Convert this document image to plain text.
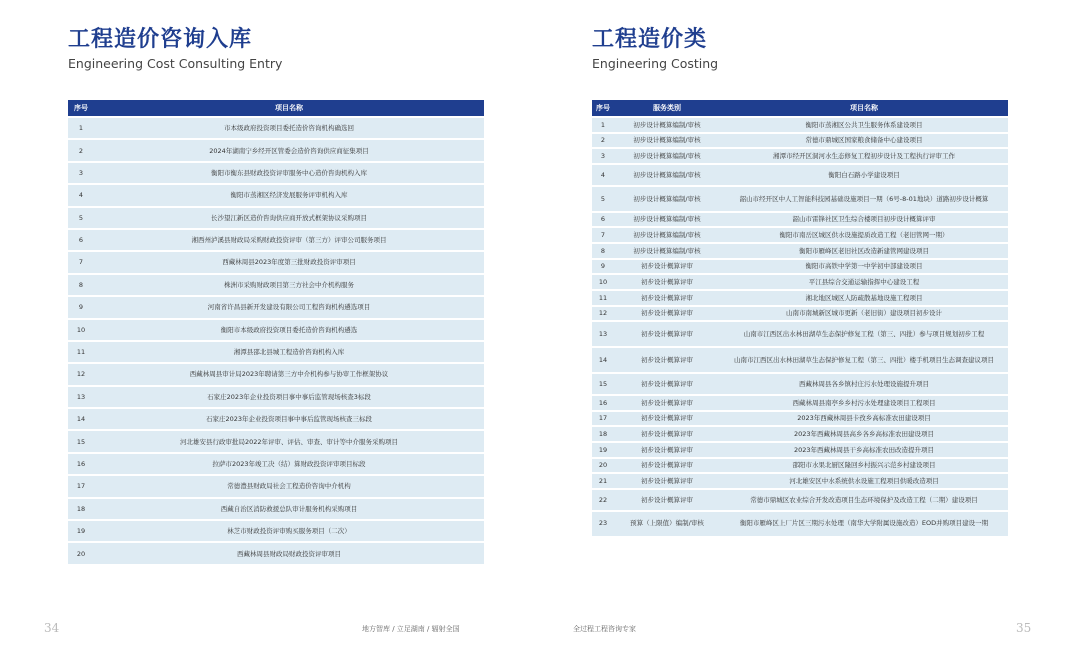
工程造价咨询入库
Engineering Cost Consulting Entry
序号	项目名称
1	市本级政府投资项目委托造价咨询机构确选回
2	2024年湖南宁乡经开区管委会造价咨询供应商征集项目
3	衡阳市衡东县财政投资评审服务中心造价咨询机构入库
4	衡阳市蒸湘区经济发展服务评审机构入库
5	长沙望江新区造价咨询供应商开放式框架协议采购项目
6	湘西州泸溪县财政局采购财政投资评审（第三方）评审公司服务项目
7	西藏林周县2023年度第三批财政投资评审项目
8	株洲市采购财政项目第三方社会中介机构服务
9	河南省许昌县新开发建设有限公司工程咨询机构遴选项目
10	衡阳市本级政府投资项目委托造价咨询机构遴选
11	湘潭县邵北县城工程造价咨询机构入库
12	西藏林周县审计局2023年聘请第三方中介机构参与协审工作框架协议
13	石家庄2023年企业投资项目事中事后监管现场核查3标段
14	石家庄2023年企业投资项目事中事后监管现场核查三标段
15	河北雄安县行政审批局2022年评审、评估、审查、审计等中介服务采购项目
16	拉萨市2023年竣工决（结）算财政投资评审项目标段
17	常德澧县财政局社会工程造价咨询中介机构
18	西藏自治区消防救援总队审计服务机构采购项目
19	林芝市财政投资评审购买服务项目（二次）
20	西藏林周县财政局财政投资评审项目
工程造价类
Engineering Costing
序号	服务类别	项目名称
1	初步设计概算编制/审核	衡阳市蒸湘区公共卫生服务体系建设项目
2	初步设计概算编制/审核	常德市鼎城区国家粮食储备中心建设项目
3	初步设计概算编制/审核	湘潭市经开区洞河水生态修复工程初步设计及工程执行评审工作
4	初步设计概算编制/审核	衡阳白石路小学建设项目
5	初步设计概算编制/审核	韶山市经开区中人工智能科技园基础设施项目一期（6号-8-01地块）道路初步设计概算
6	初步设计概算编制/审核	韶山市雷锋社区卫生综合楼项目初步设计概算评审
7	初步设计概算编制/审核	衡阳市南岳区城区供水设施提质改造工程（老旧管网一期）
8	初步设计概算编制/审核	衡阳市雁峰区老旧社区改造新建管网建设项目
9	初步设计概算评审	衡阳市高铁中学第一中学初中部建设项目
10	初步设计概算评审	平江县综合交通运输指挥中心建设工程
11	初步设计概算评审	湘北地区城区人防疏散基地设施工程项目
12	初步设计概算评审	山南市南城新区城市更新（老旧街）建设项目初步设计
13	初步设计概算评审	山南市江西区出水林田湖草生态保护修复工程（第三、四批）参与项目规划初步工程
14	初步设计概算评审	山南市江西区出水林田湖草生态保护修复工程（第三、四批）楼手机项目生态调查建议项目
15	初步设计概算评审	西藏林周县各乡镇村庄污水处理设施提升项目
16	初步设计概算评审	西藏林周县南亭乡乡村污水处理建设项目工程项目
17	初步设计概算评审	2023年西藏林周县卡孜乡高标准农田建设项目
18	初步设计概算评审	2023年西藏林周县高乡各乡高标准农田建设项目
19	初步设计概算评审	2023年西藏林周县干乡高标准农田改造提升项目
20	初步设计概算评审	邵阳市水果北厨区隆回乡村振兴示范乡村建设项目
21	初步设计概算评审	河北雄安区中水系统供水设施工程项目供暖改造项目
22	初步设计概算评审	常德市鼎城区农业综合开发改造项目生态环境保护及改造工程（二期）建设项目
23	预算（上限值）编制/审核	衡阳市雁峰区上厂片区三期污水处理（南华大学附属设施改造）EOD并购项目建设一期
34	地方智库 / 立足湖南 / 辐射全国	全过程工程咨询专家	35
